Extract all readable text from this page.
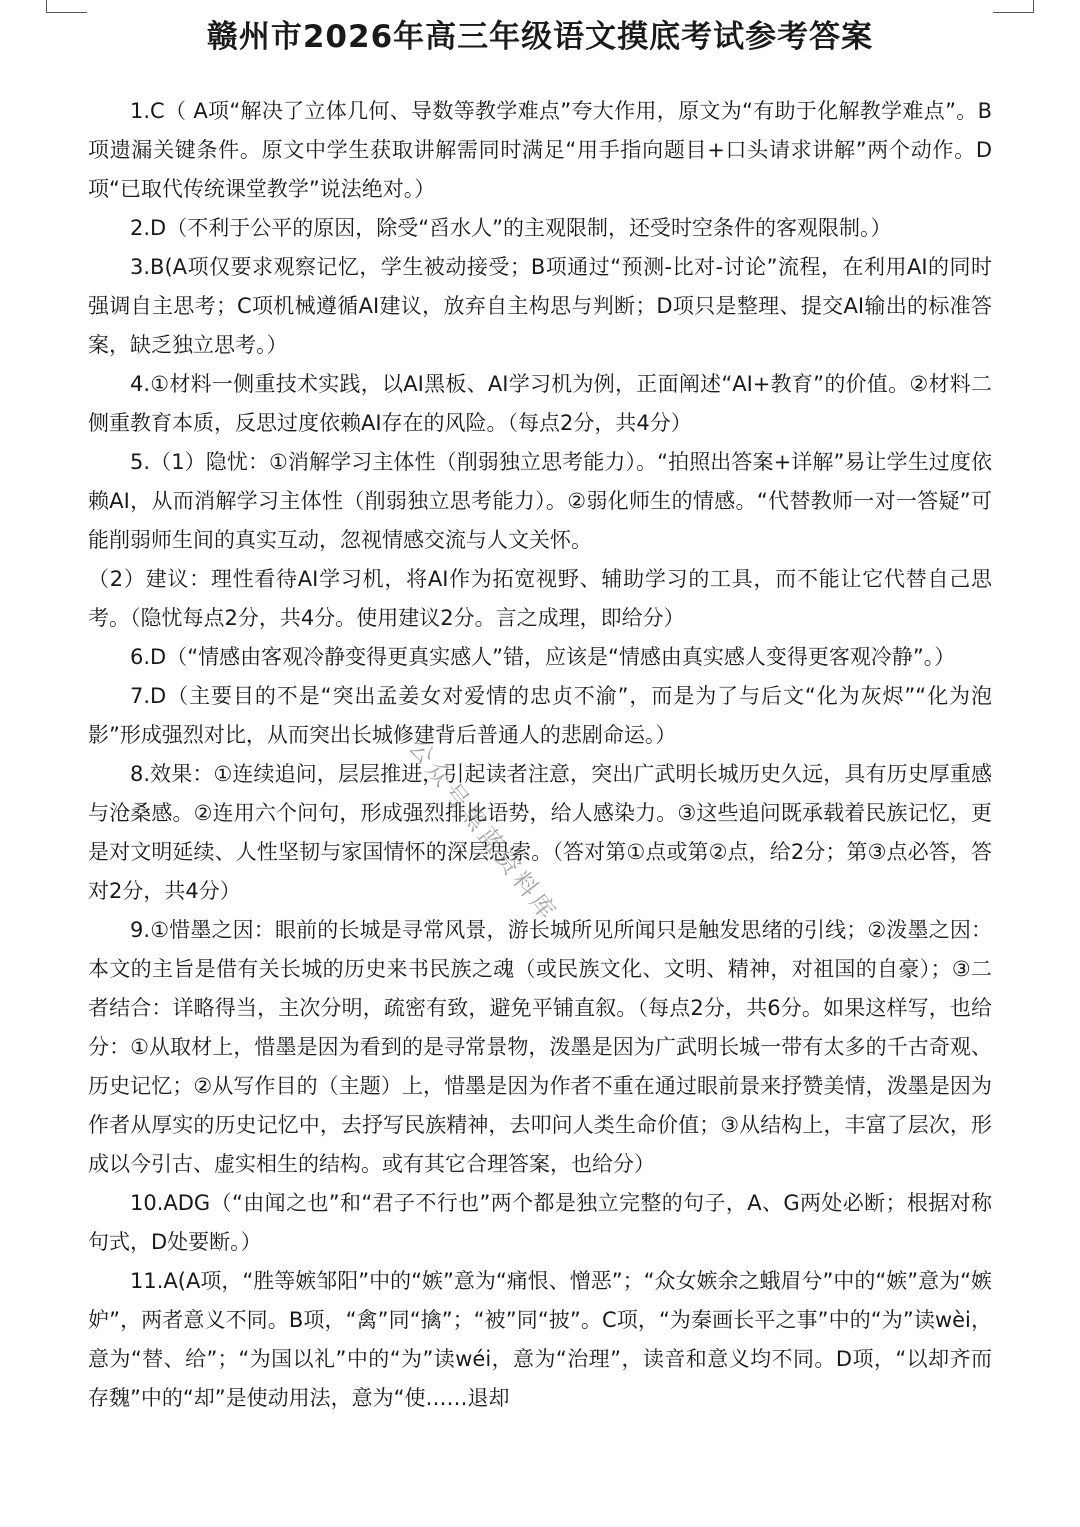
赣州市2026年高三年级语文摸底考试参考答案

1.C（ A项“解决了立体几何、导数等教学难点”夸大作用，原文为“有助于化解教学难点”。B项遗漏关键条件。原文中学生获取讲解需同时满足“用手指向题目+口头请求讲解”两个动作。D项“已取代传统课堂教学”说法绝对。）

2.D（不利于公平的原因，除受“舀水人”的主观限制，还受时空条件的客观限制。）

3.B(A项仅要求观察记忆，学生被动接受；B项通过“预测-比对-讨论”流程，在利用AI的同时强调自主思考；C项机械遵循AI建议，放弃自主构思与判断；D项只是整理、提交AI输出的标准答案，缺乏独立思考。）

4.①材料一侧重技术实践，以AI黑板、AI学习机为例，正面阐述“AI+教育”的价值。②材料二侧重教育本质，反思过度依赖AI存在的风险。（每点2分，共4分）

5.（1）隐忧：①消解学习主体性（削弱独立思考能力）。“拍照出答案+详解”易让学生过度依赖AI，从而消解学习主体性（削弱独立思考能力）。②弱化师生的情感。“代替教师一对一答疑”可能削弱师生间的真实互动，忽视情感交流与人文关怀。

（2）建议：理性看待AI学习机，将AI作为拓宽视野、辅助学习的工具，而不能让它代替自己思考。（隐忧每点2分，共4分。使用建议2分。言之成理，即给分）

6.D（“情感由客观冷静变得更真实感人”错，应该是“情感由真实感人变得更客观冷静”。）

7.D（主要目的不是“突出孟姜女对爱情的忠贞不渝”，而是为了与后文“化为灰烬”“化为泡影”形成强烈对比，从而突出长城修建背后普通人的悲剧命运。）

8.效果：①连续追问，层层推进，引起读者注意，突出广武明长城历史久远，具有历史厚重感与沧桑感。②连用六个问句，形成强烈排比语势，给人感染力。③这些追问既承载着民族记忆，更是对文明延续、人性坚韧与家国情怀的深层思索。（答对第①点或第②点，给2分；第③点必答，答对2分，共4分）

9.①惜墨之因：眼前的长城是寻常风景，游长城所见所闻只是触发思绪的引线；②泼墨之因：本文的主旨是借有关长城的历史来书民族之魂（或民族文化、文明、精神，对祖国的自豪）；③二者结合：详略得当，主次分明，疏密有致，避免平铺直叙。（每点2分，共6分。如果这样写，也给分：①从取材上，惜墨是因为看到的是寻常景物，泼墨是因为广武明长城一带有太多的千古奇观、历史记忆；②从写作目的（主题）上，惜墨是因为作者不重在通过眼前景来抒赞美情，泼墨是因为作者从厚实的历史记忆中，去抒写民族精神，去叩问人类生命价值；③从结构上，丰富了层次，形成以今引古、虚实相生的结构。或有其它合理答案，也给分）

10.ADG（“由闻之也”和“君子不行也”两个都是独立完整的句子，A、G两处必断；根据对称句式，D处要断。）

11.A(A项，“胜等嫉邹阳”中的“嫉”意为“痛恨、憎恶”；“众女嫉余之蛾眉兮”中的“嫉”意为“嫉妒”，两者意义不同。B项，“禽”同“擒”；“被”同“披”。C项，“为秦画长平之事”中的“为”读wèi，意为“替、给”；“为国以礼”中的“为”读wéi，意为“治理”，读音和意义均不同。D项，“以却齐而存魏”中的“却”是使动用法，意为“使……退却

公众号黑蓝资料库
